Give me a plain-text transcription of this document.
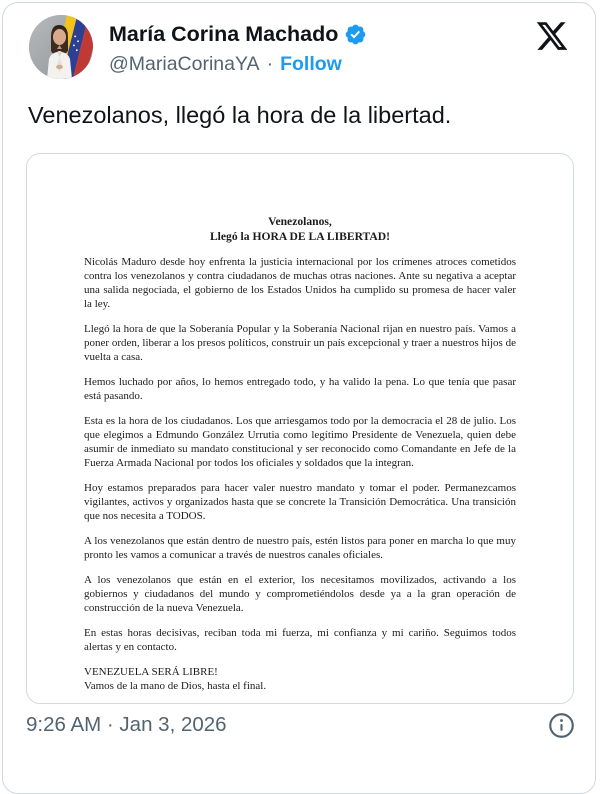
María Corina Machado
@MariaCorinaYA · Follow
Venezolanos, llegó la hora de la libertad.
Venezolanos,
Llegó la HORA DE LA LIBERTAD!

Nicolás Maduro desde hoy enfrenta la justicia internacional por los crímenes atroces cometidos contra los venezolanos y contra ciudadanos de muchas otras naciones. Ante su negativa a aceptar una salida negociada, el gobierno de los Estados Unidos ha cumplido su promesa de hacer valer la ley.

Llegó la hora de que la Soberanía Popular y la Soberanía Nacional rijan en nuestro país. Vamos a poner orden, liberar a los presos políticos, construir un país excepcional y traer a nuestros hijos de vuelta a casa.

Hemos luchado por años, lo hemos entregado todo, y ha valido la pena. Lo que tenía que pasar está pasando.

Esta es la hora de los ciudadanos. Los que arriesgamos todo por la democracia el 28 de julio. Los que elegimos a Edmundo González Urrutia como legítimo Presidente de Venezuela, quien debe asumir de inmediato su mandato constitucional y ser reconocido como Comandante en Jefe de la Fuerza Armada Nacional por todos los oficiales y soldados que la integran.

Hoy estamos preparados para hacer valer nuestro mandato y tomar el poder. Permanezcamos vigilantes, activos y organizados hasta que se concrete la Transición Democrática. Una transición que nos necesita a TODOS.

A los venezolanos que están dentro de nuestro país, estén listos para poner en marcha lo que muy pronto les vamos a comunicar a través de nuestros canales oficiales.

A los venezolanos que están en el exterior, los necesitamos movilizados, activando a los gobiernos y ciudadanos del mundo y comprometiéndolos desde ya a la gran operación de construcción de la nueva Venezuela.

En estas horas decisivas, reciban toda mi fuerza, mi confianza y mi cariño. Seguimos todos alertas y en contacto.

VENEZUELA SERÁ LIBRE!
Vamos de la mano de Dios, hasta el final.

9:26 AM · Jan 3, 2026
